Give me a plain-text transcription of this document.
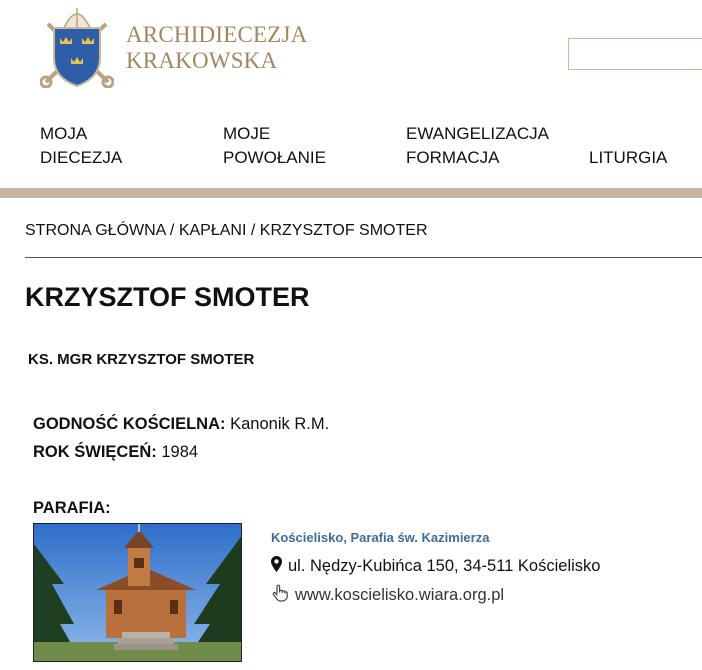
ARCHIDIECEZJA
KRAKOWSKA
MOJA
DIECEZJA
MOJE
POWOŁANIE
EWANGELIZACJA
FORMACJA	LITURGIA
STRONA GŁÓWNA / KAPŁANI / KRZYSZTOF SMOTER
KRZYSZTOF SMOTER
KS. MGR KRZYSZTOF SMOTER
GODNOŚĆ KOŚCIELNA: Kanonik R.M.
ROK ŚWIĘCEŃ: 1984
PARAFIA:
Kościelisko, Parafia św. Kazimierza
ul. Nędzy-Kubińca 150, 34-511 Kościelisko
www.koscielisko.wiara.org.pl
